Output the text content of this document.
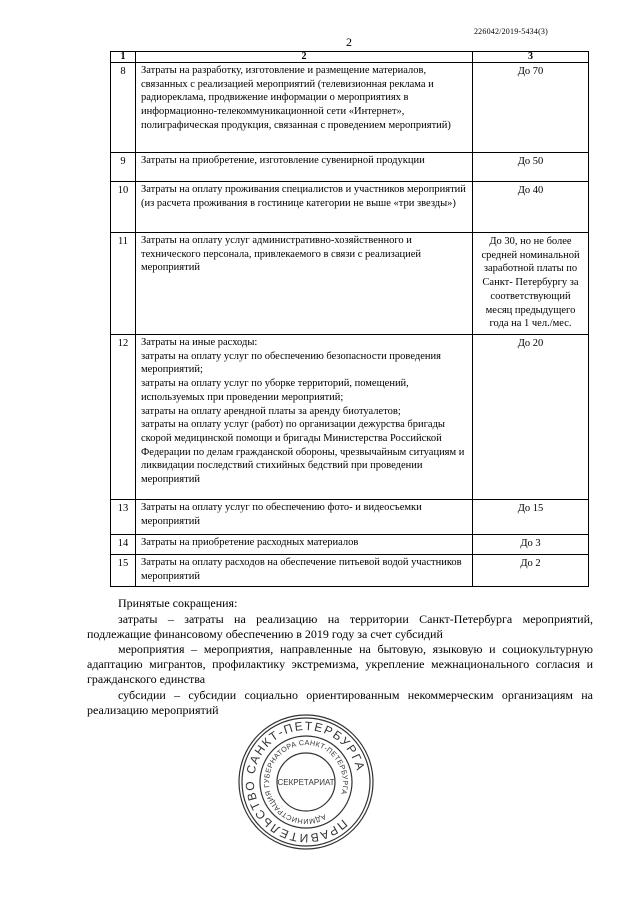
226042/2019-5434(3)
2
1	2	3
8	Затраты на разработку, изготовление и размещение материалов, связанных с реализацией мероприятий (телевизионная реклама и радиореклама, продвижение информации о мероприятиях в информационно-телекоммуникационной сети «Интернет», полиграфическая продукция, связанная с проведением мероприятий)	До 70
9	Затраты на приобретение, изготовление сувенирной продукции	До 50
10	Затраты на оплату проживания специалистов и участников мероприятий (из расчета проживания в гостинице категории не выше «три звезды»)	До 40
11	Затраты на оплату услуг административно-хозяйственного и технического персонала, привлекаемого в связи с реализацией мероприятий	До 30, но не более средней номинальной заработной платы по Санкт- Петербургу за соответствующий месяц предыдущего года на 1 чел./мес.
12	Затраты на иные расходы:
затраты на оплату услуг по обеспечению безопасности проведения мероприятий;
затраты на оплату услуг по уборке территорий, помещений, используемых при проведении мероприятий;
затраты на оплату арендной платы за аренду биотуалетов;
затраты на оплату услуг (работ) по организации дежурства бригады скорой медицинской помощи и бригады Министерства Российской Федерации по делам гражданской обороны, чрезвычайным ситуациям и ликвидации последствий стихийных бедствий при проведении мероприятий	До 20
13	Затраты на оплату услуг по обеспечению фото- и видеосъемки мероприятий	До 15
14	Затраты на приобретение расходных материалов	До 3
15	Затраты на оплату расходов на обеспечение питьевой водой участников мероприятий	До 2
Принятые сокращения:
затраты – затраты на реализацию на территории Санкт-Петербурга мероприятий, подлежащие финансовому обеспечению в 2019 году за счет субсидий
мероприятия – мероприятия, направленные на бытовую, языковую и социокультурную адаптацию мигрантов, профилактику экстремизма, укрепление межнационального согласия и гражданского единства
субсидии – субсидии социально ориентированным некоммерческим организациям на реализацию мероприятий
ПРАВИТЕЛЬСТВО САНКТ-ПЕТЕРБУРГА
АДМИНИСТРАЦИЯ ГУБЕРНАТОРА САНКТ-ПЕТЕРБУРГА
СЕКРЕТАРИАТ
